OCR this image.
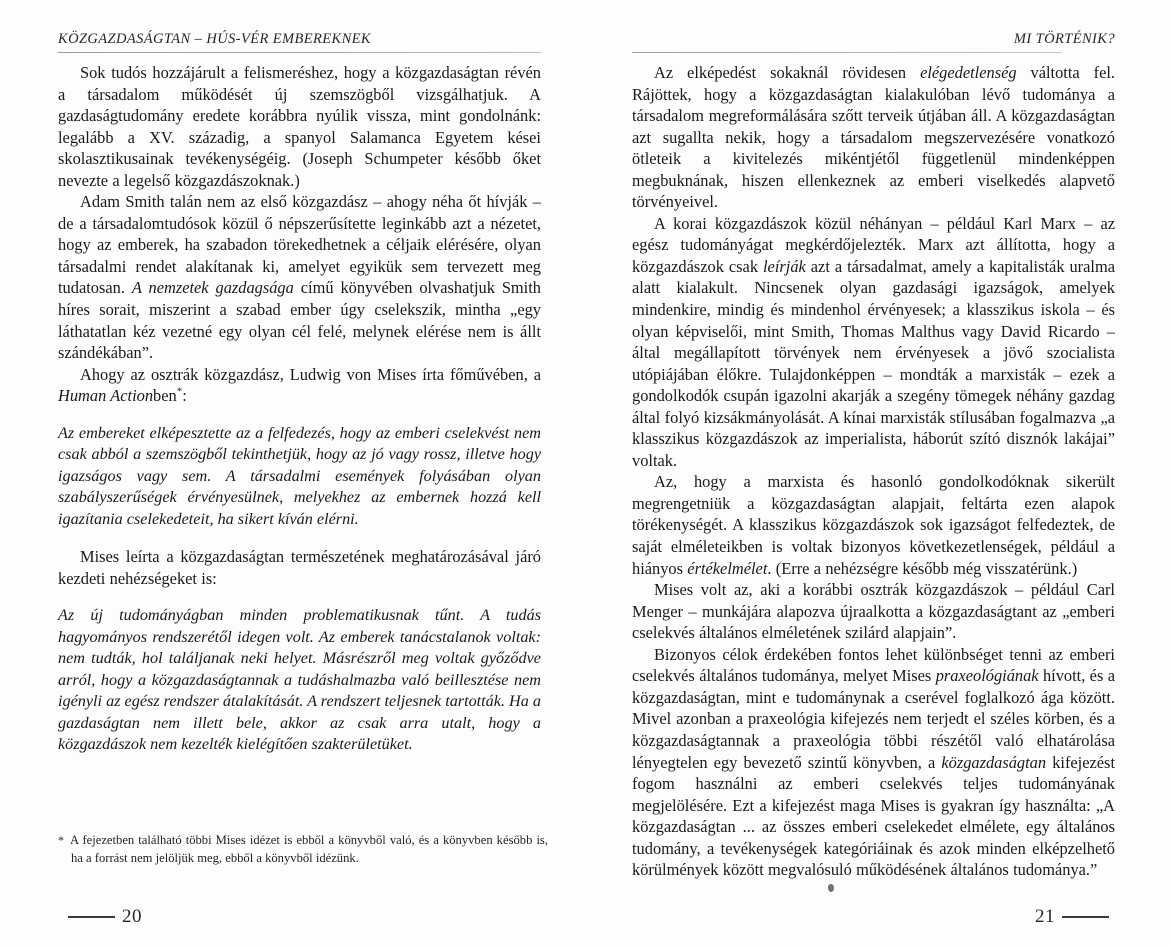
KÖZGAZDASÁGTAN – HÚS-VÉR EMBEREKNEK

Sok tudós hozzájárult a felismeréshez, hogy a közgazdaságtan révén a társadalom működését új szemszögből vizsgálhatjuk. A gazdaságtudomány eredete korábbra nyúlik vissza, mint gondolnánk: legalább a XV. századig, a spanyol Salamanca Egyetem kései skolasztikusainak tevékenységéig. (Joseph Schumpeter később őket nevezte a legelső közgazdászoknak.)

Adam Smith talán nem az első közgazdász – ahogy néha őt hívják – de a társadalomtudósok közül ő népszerűsítette leginkább azt a nézetet, hogy az emberek, ha szabadon törekedhetnek a céljaik elérésére, olyan társadalmi rendet alakítanak ki, amelyet egyikük sem tervezett meg tudatosan. A nemzetek gazdagsága című könyvében olvashatjuk Smith híres sorait, miszerint a szabad ember úgy cselekszik, mintha „egy láthatatlan kéz vezetné egy olyan cél felé, melynek elérése nem is állt szándékában”.

Ahogy az osztrák közgazdász, Ludwig von Mises írta főművében, a Human Actionben*:

Az embereket elképesztette az a felfedezés, hogy az emberi cselekvést nem csak abból a szemszögből tekinthetjük, hogy az jó vagy rossz, illetve hogy igazságos vagy sem. A társadalmi események folyásában olyan szabályszerűségek érvényesülnek, melyekhez az embernek hozzá kell igazítania cselekedeteit, ha sikert kíván elérni.

Mises leírta a közgazdaságtan természetének meghatározásával járó kezdeti nehézségeket is:

Az új tudományágban minden problematikusnak tűnt. A tudás hagyományos rendszerétől idegen volt. Az emberek tanácstalanok voltak: nem tudták, hol találjanak neki helyet. Másrészről meg voltak győződve arról, hogy a közgazdaságtannak a tudáshalmazba való beillesztése nem igényli az egész rendszer átalakítását. A rendszert teljesnek tartották. Ha a gazdaságtan nem illett bele, akkor az csak arra utalt, hogy a közgazdászok nem kezelték kielégítően szakterületüket.

* A fejezetben található többi Mises idézet is ebből a könyvből való, és a könyvben később is, ha a forrást nem jelöljük meg, ebből a könyvből idézünk.
20
MI TÖRTÉNIK?

Az elképedést sokaknál rövidesen elégedetlenség váltotta fel. Rájöttek, hogy a közgazdaságtan kialakulóban lévő tudománya a társadalom megreformálására szőtt terveik útjában áll. A közgazdaságtan azt sugallta nekik, hogy a társadalom megszervezésére vonatkozó ötleteik a kivitelezés mikéntjétől függetlenül mindenképpen megbuknának, hiszen ellenkeznek az emberi viselkedés alapvető törvényeivel.

A korai közgazdászok közül néhányan – például Karl Marx – az egész tudományágat megkérdőjelezték. Marx azt állította, hogy a közgazdászok csak leírják azt a társadalmat, amely a kapitalisták uralma alatt kialakult. Nincsenek olyan gazdasági igazságok, amelyek mindenkire, mindig és mindenhol érvényesek; a klasszikus iskola – és olyan képviselői, mint Smith, Thomas Malthus vagy David Ricardo – által megállapított törvények nem érvényesek a jövő szocialista utópiájában élőkre. Tulajdonképpen – mondták a marxisták – ezek a gondolkodók csupán igazolni akarják a szegény tömegek néhány gazdag által folyó kizsákmányolását. A kínai marxisták stílusában fogalmazva „a klasszikus közgazdászok az imperialista, háborút szító disznók lakájai” voltak.

Az, hogy a marxista és hasonló gondolkodóknak sikerült megrengetniük a közgazdaságtan alapjait, feltárta ezen alapok törékenységét. A klasszikus közgazdászok sok igazságot felfedeztek, de saját elméleteikben is voltak bizonyos következetlenségek, például a hiányos értékelmélet. (Erre a nehézségre később még visszatérünk.)

Mises volt az, aki a korábbi osztrák közgazdászok – például Carl Menger – munkájára alapozva újraalkotta a közgazdaságtant az „emberi cselekvés általános elméletének szilárd alapjain”.

Bizonyos célok érdekében fontos lehet különbséget tenni az emberi cselekvés általános tudománya, melyet Mises praxeológiának hívott, és a közgazdaságtan, mint e tudománynak a cserével foglalkozó ága között. Mivel azonban a praxeológia kifejezés nem terjedt el széles körben, és a közgazdaságtannak a praxeológia többi részétől való elhatárolása lényegtelen egy bevezető szintű könyvben, a közgazdaságtan kifejezést fogom használni az emberi cselekvés teljes tudományának megjelölésére. Ezt a kifejezést maga Mises is gyakran így használta: „A közgazdaságtan ... az összes emberi cselekedet elmélete, egy általános tudomány, a tevékenységek kategóriáinak és azok minden elképzelhető körülmények között megvalósuló működésének általános tudománya.”

21
